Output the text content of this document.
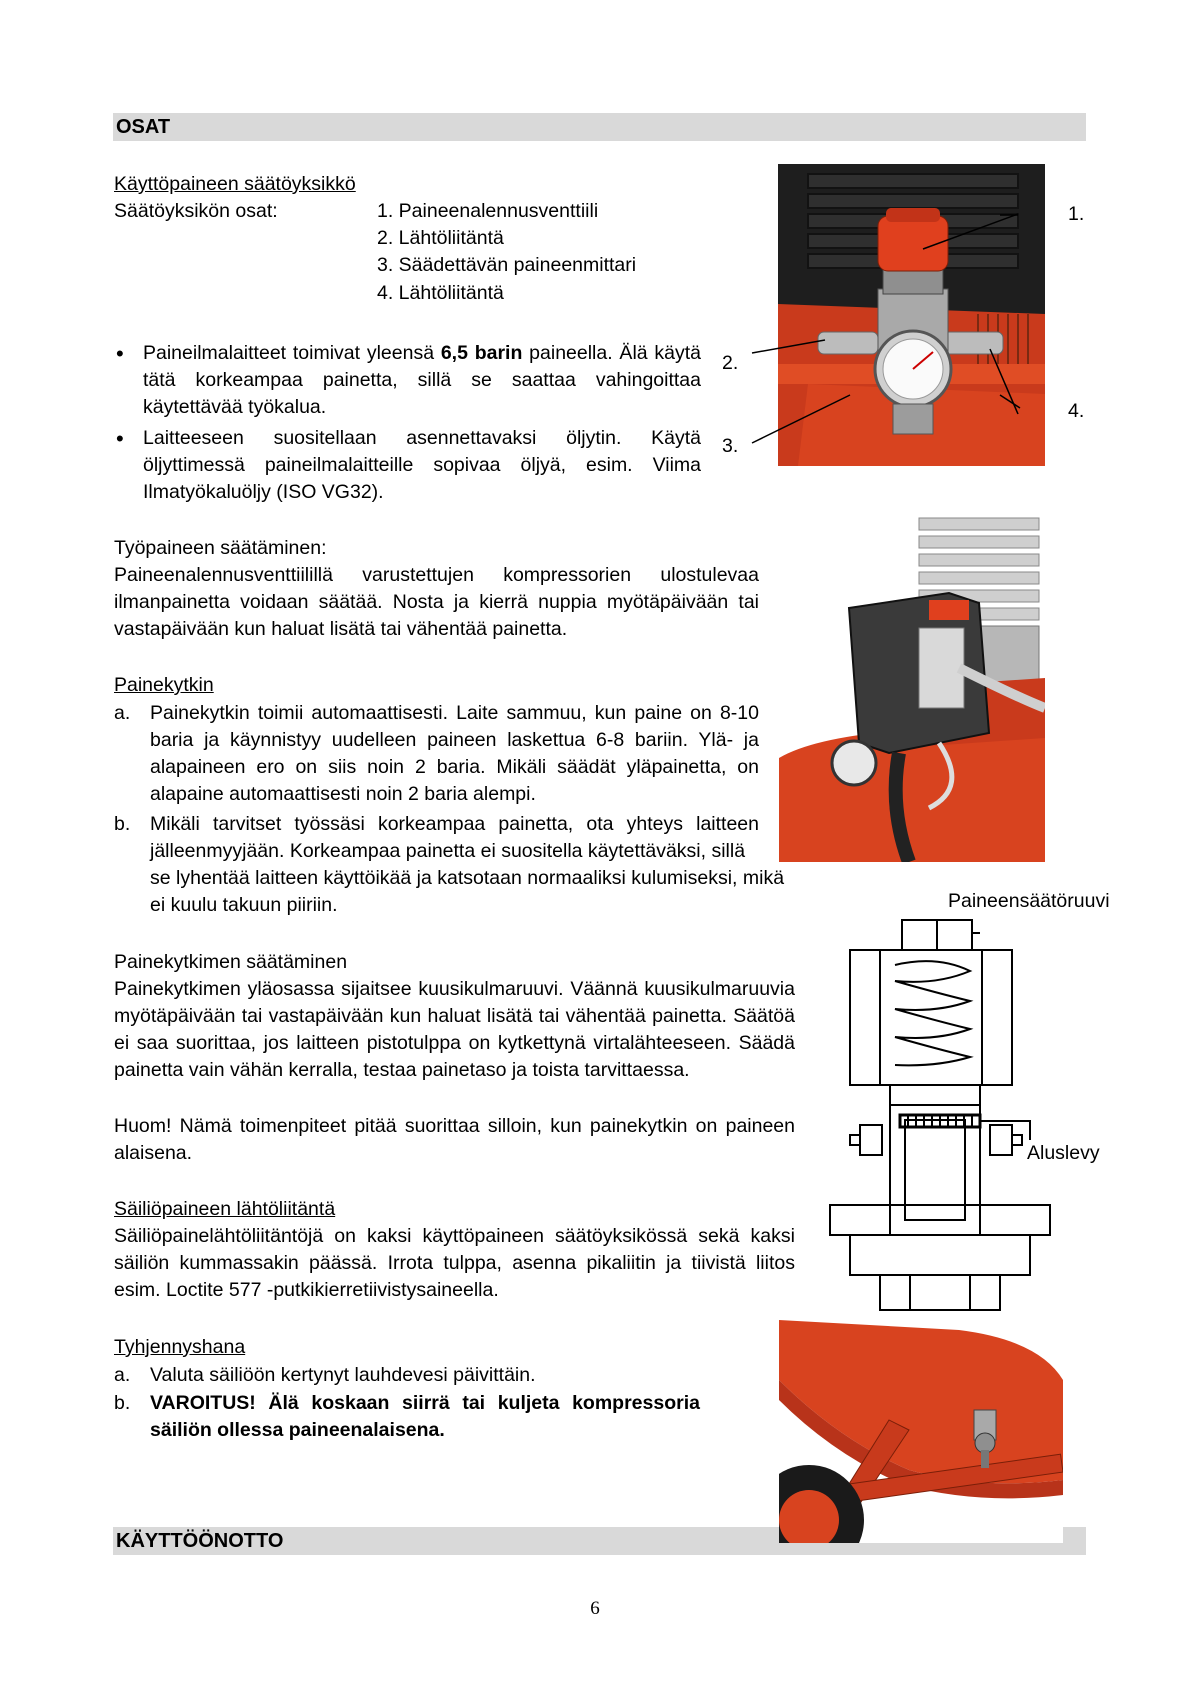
OSAT
Käyttöpaineen säätöyksikkö
Säätöyksikön osat:	1. Paineenalennusventtiili
2. Lähtöliitäntä
3. Säädettävän paineenmittari
4. Lähtöliitäntä
• Paineilmalaitteet toimivat yleensä 6,5 barin paineella. Älä käytä tätä korkeampaa painetta, sillä se saattaa vahingoittaa käytettävää työkalua.
• Laitteeseen suositellaan asennettavaksi öljytin. Käytä öljyttimessä paineilmalaitteille sopivaa öljyä, esim. Viima Ilmatyökaluöljy (ISO VG32).
Työpaineen säätäminen:
Paineenalennusventtiilillä varustettujen kompressorien ulostulevaa ilmanpainetta voidaan säätää. Nosta ja kierrä nuppia myötäpäivään tai vastapäivään kun haluat lisätä tai vähentää painetta.
Painekytkin
a. Painekytkin toimii automaattisesti. Laite sammuu, kun paine on 8-10 baria ja käynnistyy uudelleen paineen laskettua 6-8 bariin. Ylä- ja alapaineen ero on siis noin 2 baria. Mikäli säädät yläpainetta, on alapaine automaattisesti noin 2 baria alempi.
b. Mikäli tarvitset työssäsi korkeampaa painetta, ota yhteys laitteen jälleenmyyjään. Korkeampaa painetta ei suositella käytettäväksi, sillä
se lyhentää laitteen käyttöikää ja katsotaan normaaliksi kulumiseksi, mikä
ei kuulu takuun piiriin.
Painekytkimen säätäminen
Painekytkimen yläosassa sijaitsee kuusikulmaruuvi. Väännä kuusikulmaruuvia myötäpäivään tai vastapäivään kun haluat lisätä tai vähentää painetta. Säätöä ei saa suorittaa, jos laitteen pistotulppa on kytkettynä virtalähteeseen. Säädä painetta vain vähän kerralla, testaa painetaso ja toista tarvittaessa.
Huom! Nämä toimenpiteet pitää suorittaa silloin, kun painekytkin on paineen alaisena.
Säiliöpaineen lähtöliitäntä
Säiliöpainelähtöliitäntöjä on kaksi käyttöpaineen säätöyksikössä sekä kaksi säiliön kummassakin päässä. Irrota tulppa, asenna pikaliitin ja tiivistä liitos esim. Loctite 577 -putkikierretiivistysaineella.
Tyhjennyshana
a. Valuta säiliöön kertynyt lauhdevesi päivittäin.
b. VAROITUS! Älä koskaan siirrä tai kuljeta kompressoria säiliön ollessa paineenalaisena.
KÄYTTÖÖNOTTO
6
1.
2.
3.
4.
Paineensäätöruuvi
Aluslevy
